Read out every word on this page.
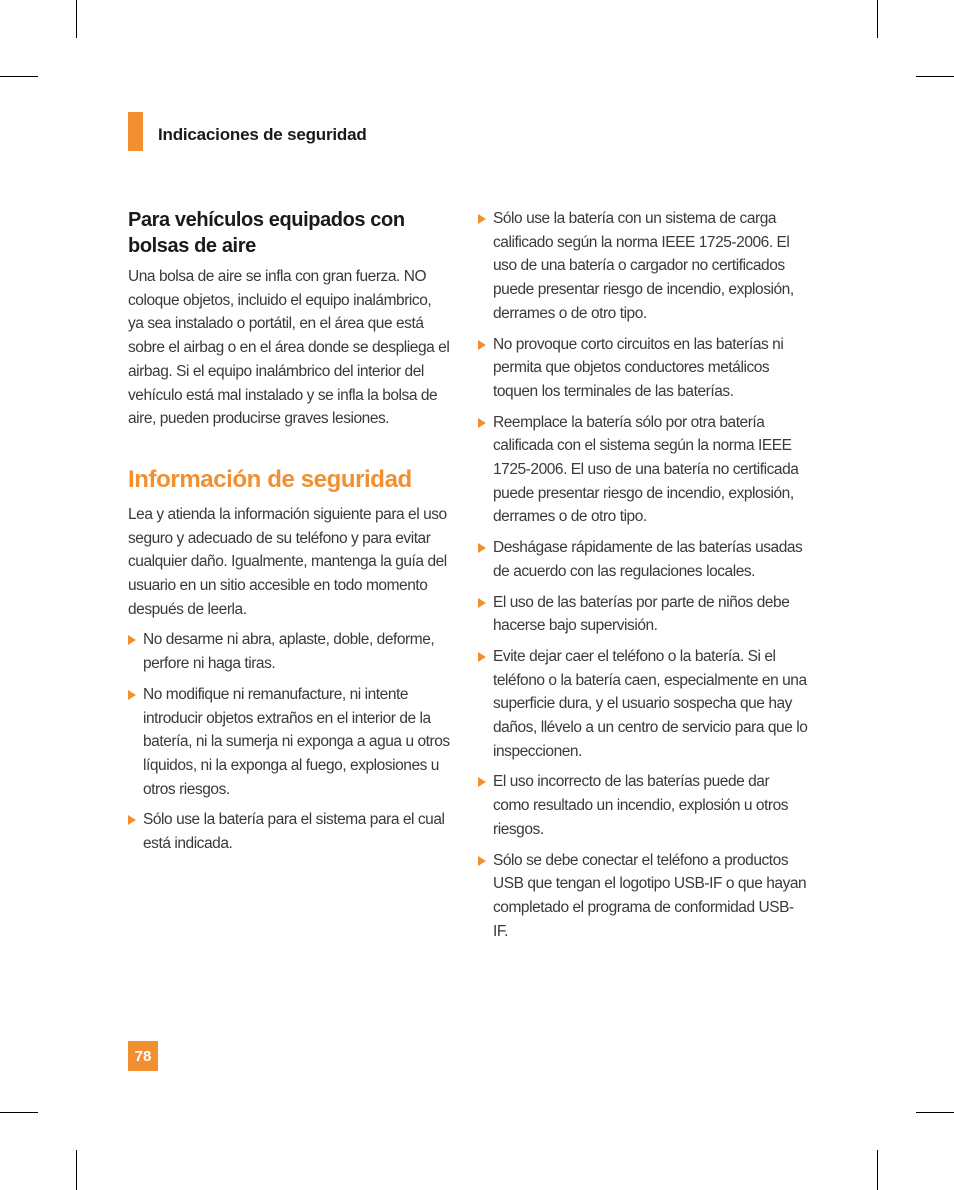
Indicaciones de seguridad
Para vehículos equipados con bolsas de aire

Una bolsa de aire se infla con gran fuerza. NO coloque objetos, incluido el equipo inalámbrico, ya sea instalado o portátil, en el área que está sobre el airbag o en el área donde se despliega el airbag. Si el equipo inalámbrico del interior del vehículo está mal instalado y se infla la bolsa de aire, pueden producirse graves lesiones.

Información de seguridad

Lea y atienda la información siguiente para el uso seguro y adecuado de su teléfono y para evitar cualquier daño. Igualmente, mantenga la guía del usuario en un sitio accesible en todo momento después de leerla.

No desarme ni abra, aplaste, doble, deforme, perfore ni haga tiras.
No modifique ni remanufacture, ni intente introducir objetos extraños en el interior de la batería, ni la sumerja ni exponga a agua u otros líquidos, ni la exponga al fuego, explosiones u otros riesgos.
Sólo use la batería para el sistema para el cual está indicada.
Sólo use la batería con un sistema de carga calificado según la norma IEEE 1725-2006. El uso de una batería o cargador no certificados puede presentar riesgo de incendio, explosión, derrames o de otro tipo.
No provoque corto circuitos en las baterías ni permita que objetos conductores metálicos toquen los terminales de las baterías.
Reemplace la batería sólo por otra batería calificada con el sistema según la norma IEEE 1725-2006. El uso de una batería no certificada puede presentar riesgo de incendio, explosión, derrames o de otro tipo.
Deshágase rápidamente de las baterías usadas de acuerdo con las regulaciones locales.
El uso de las baterías por parte de niños debe hacerse bajo supervisión.
Evite dejar caer el teléfono o la batería. Si el teléfono o la batería caen, especialmente en una superficie dura, y el usuario sospecha que hay daños, llévelo a un centro de servicio para que lo inspeccionen.
El uso incorrecto de las baterías puede dar como resultado un incendio, explosión u otros riesgos.
Sólo se debe conectar el teléfono a productos USB que tengan el logotipo USB-IF o que hayan completado el programa de conformidad USB-IF.
78
